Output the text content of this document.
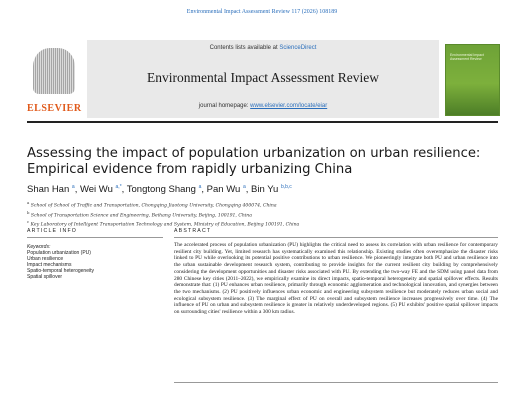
Environmental Impact Assessment Review 117 (2026) 108189
ELSEVIER
Contents lists available at ScienceDirect
Environmental Impact Assessment Review
journal homepage: www.elsevier.com/locate/eiar
Environmental Impact Assessment Review
Assessing the impact of population urbanization on urban resilience:
Empirical evidence from rapidly urbanizing China
Shan Han $^a$, Wei Wu $^{a,*}$, Tongtong Shang $^a$, Pan Wu $^a$, Bin Yu $^{b,b,c}$
$^a$ School of School of Traffic and Transportation, Chongqing Jiaotong University, Chongqing 400074, China
$^b$ School of Transportation Science and Engineering, Beihang University, Beijing, 100191, China
$^c$ Key Laboratory of Intelligent Transportation Technology and System, Ministry of Education, Beijing 100191, China
ARTICLE INFO	ABSTRACT
Keywords:
Population urbanization (PU)
Urban resilience
Impact mechanisms
Spatio-temporal heterogeneity
Spatial spillover
The accelerated process of population urbanization (PU) highlights the critical need to assess its correlation with urban resilience for contemporary resilient city building. Yet, limited research has systematically examined this relationship. Existing studies often overemphasize the disaster risks linked to PU while overlooking its potential positive contributions to urban resilience. We pioneeringly integrate both PU and urban resilience into the urban sustainable development research system, contributing to provide insights for the current resilient city building by comprehensively considering the development opportunities and disaster risks associated with PU. By extending the two-way FE and the SDM using panel data from 280 Chinese key cities (2011–2022), we empirically examine its direct impacts, spatio-temporal heterogeneity and spatial spillover effects. Results demonstrate that: (1) PU enhances urban resilience, primarily through economic agglomeration and technological innovation, and synergies between the two mechanisms. (2) PU positively influences urban economic and engineering subsystem resilience but moderately reduces urban social and ecological subsystem resilience. (3) The marginal effect of PU on overall and subsystem resilience increases progressively over time. (4) The influence of PU on urban and subsystem resilience is greater in relatively underdeveloped regions. (5) PU exhibits' positive spatial spillover impacts on surrounding cities' resilience within a 300 km radius.
